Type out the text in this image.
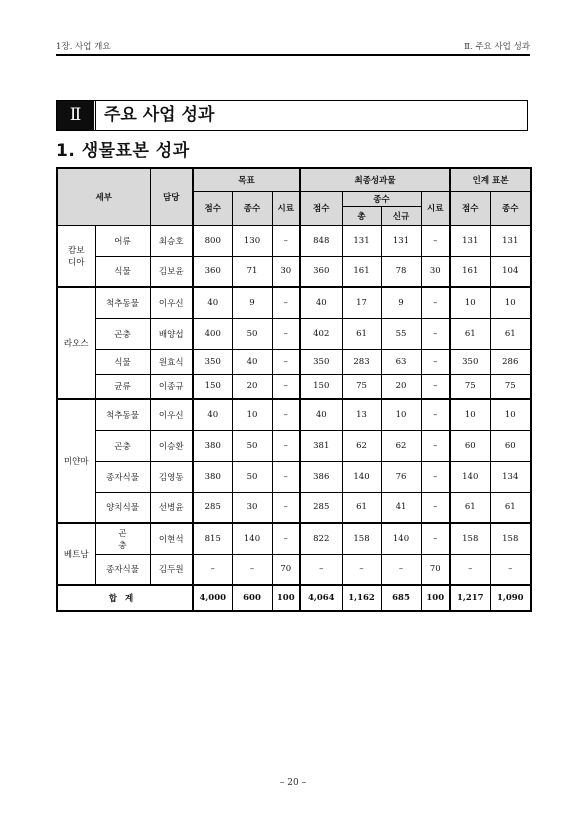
1장. 사업 개요	Ⅱ. 주요 사업 성과
Ⅱ	주요 사업 성과
1. 생물표본 성과
세부		담당	목표			최종성과물				인계 표본	
			점수	종수	시료	점수	종수		시료	점수	종수
							총	신규			

캄보
디아	어류	최승호	800	130	–	848	131	131	–	131	131
	식물	김보윤	360	71	30	360	161	78	30	161	104

라오스	척추동물	이우신	40	9	–	40	17	9	–	10	10
	곤충	배양섭	400	50	–	402	61	55	–	61	61
	식물	원효식	350	40	–	350	283	63	–	350	286
	균류	이종규	150	20	–	150	75	20	–	75	75

미얀마	척추동물	이우신	40	10	–	40	13	10	–	10	10
	곤충	이승환	380	50	–	381	62	62	–	60	60
	종자식물	김영동	380	50	–	386	140	76	–	140	134
	양치식물	선병윤	285	30	–	285	61	41	–	61	61

베트남	곤충	이현석	815	140	–	822	158	140	–	158	158
	종자식물	김두원	–	–	70	–	–	–	70	–	–
합계			4,000	600	100	4,064	1,162	685	100	1,217	1,090
– 20 –
